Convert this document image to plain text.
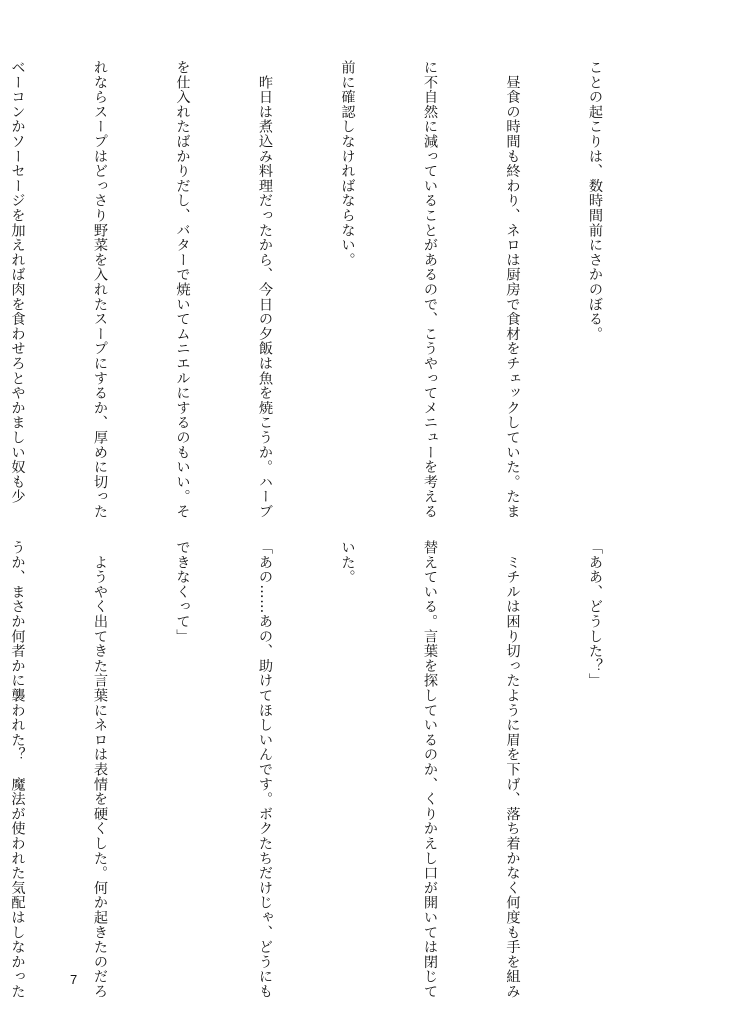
ことの起こりは、数時間前にさかのぼる。

　昼食の時間も終わり、ネロは厨房で食材をチェックしていた。たま

に不自然に減っていることがあるので、こうやってメニューを考える

前に確認しなければならない。

　昨日は煮込み料理だったから、今日の夕飯は魚を焼こうか。ハーブ

を仕入れたばかりだし、バターで焼いてムニエルにするのもいい。そ

れならスープはどっさり野菜を入れたスープにするか、厚めに切った

ベーコンかソーセージを加えれば肉を食わせろとやかましい奴も少

「ああ、どうした？」

　ミチルは困り切ったように眉を下げ、落ち着かなく何度も手を組み

替えている。言葉を探しているのか、くりかえし口が開いては閉じて

いた。

「あの……あの、助けてほしいんです。ボクたちだけじゃ、どうにも

できなくって」

　ようやく出てきた言葉にネロは表情を硬くした。何か起きたのだろ

うか、まさか何者かに襲われた？　魔法が使われた気配はしなかった

	7
